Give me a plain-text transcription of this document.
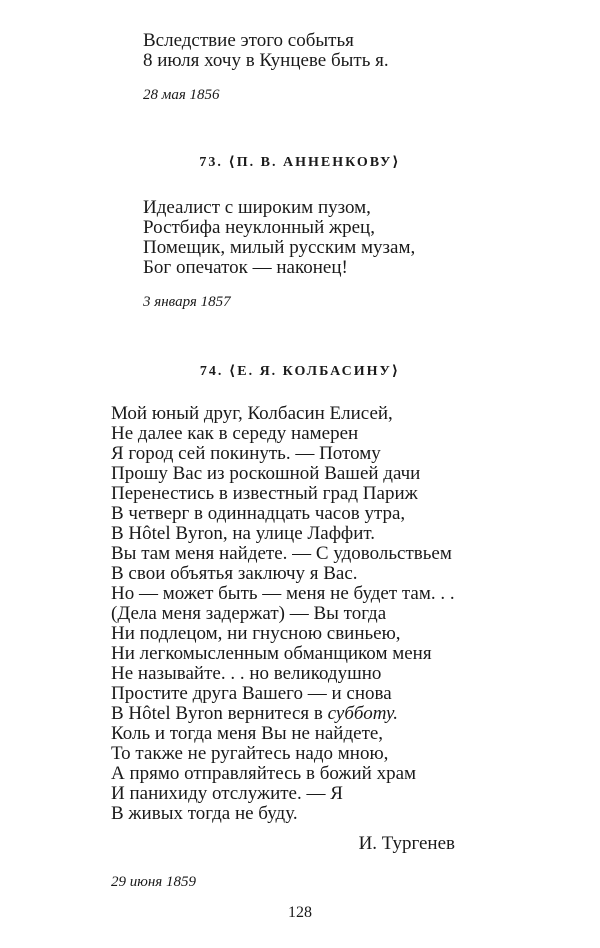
Вследствие этого событья
8 июля хочу в Кунцеве быть я.
28 мая 1856
73. ⟨П. В. АННЕНКОВУ⟩
Идеалист с широким пузом,
Ростбифа неуклонный жрец,
Помещик, милый русским музам,
Бог опечаток — наконец!
3 января 1857
74. ⟨Е. Я. КОЛБАСИНУ⟩
Мой юный друг, Колбасин Елисей,
Не далее как в середу намерен
Я город сей покинуть. — Потому
Прошу Вас из роскошной Вашей дачи
Перенестись в известный град Париж
В четверг в одиннадцать часов утра,
В Hôtel Byron, на улице Лаффит.
Вы там меня найдете. — С удовольствьем
В свои объятья заключу я Вас.
Но — может быть — меня не будет там. . .
(Дела меня задержат) — Вы тогда
Ни подлецом, ни гнусною свиньею,
Ни легкомысленным обманщиком меня
Не называйте. . . но великодушно
Простите друга Вашего — и снова
В Hôtel Byron вернитеся в субботу.
Коль и тогда меня Вы не найдете,
То также не ругайтесь надо мною,
А прямо отправляйтесь в божий храм
И панихиду отслужите. — Я
В живых тогда не буду.
И. Тургенев
29 июня 1859
128
